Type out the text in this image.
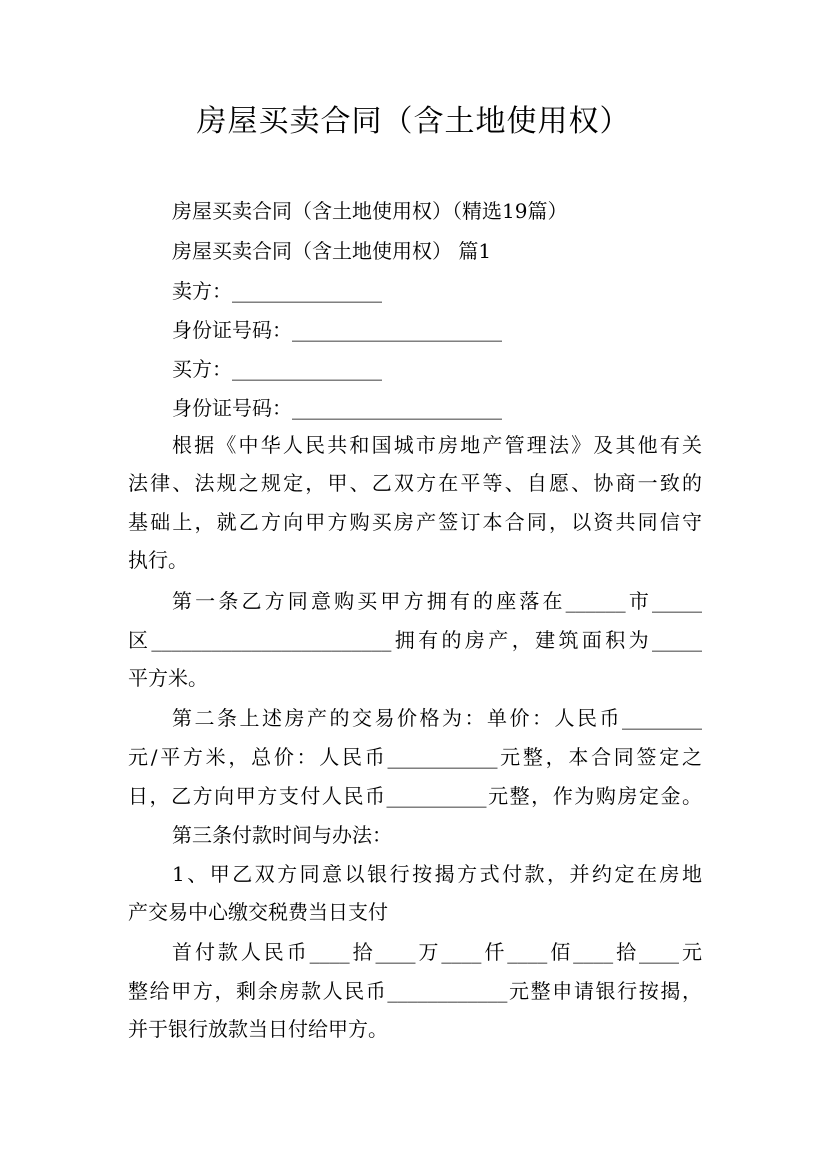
房屋买卖合同（含土地使用权）
房屋买卖合同（含土地使用权）（精选19篇）
房屋买卖合同（含土地使用权） 篇1
卖方：_______________
身份证号码：_____________________
买方：_______________
身份证号码：_____________________
根据《中华人民共和国城市房地产管理法》及其他有关
法律、法规之规定，甲、乙双方在平等、自愿、协商一致的
基础上，就乙方向甲方购买房产签订本合同，以资共同信守
执行。
第一条乙方同意购买甲方拥有的座落在______市_____
区________________________拥有的房产，建筑面积为_____
平方米。
第二条上述房产的交易价格为：单价：人民币________
元/平方米，总价：人民币___________元整，本合同签定之
日，乙方向甲方支付人民币__________元整，作为购房定金。
第三条付款时间与办法：
1、甲乙双方同意以银行按揭方式付款，并约定在房地
产交易中心缴交税费当日支付
首付款人民币____拾____万____仟____佰____拾____元
整给甲方，剩余房款人民币____________元整申请银行按揭，
并于银行放款当日付给甲方。
